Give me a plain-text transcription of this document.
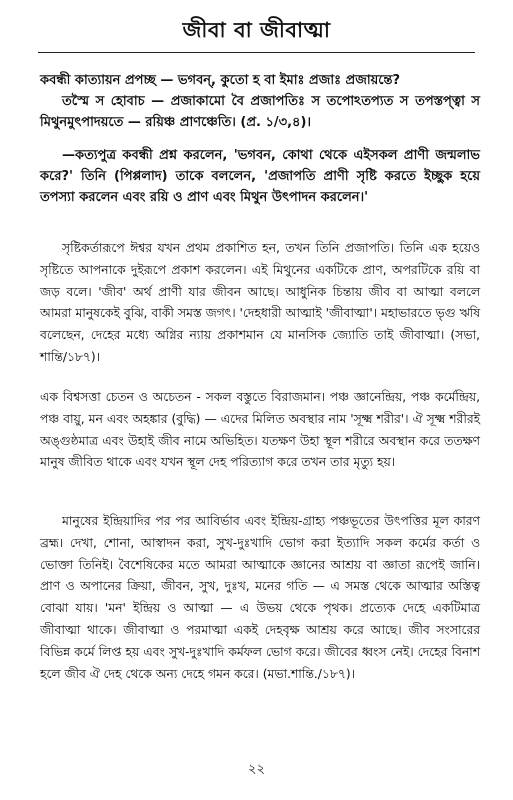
জীবা বা জীবাত্মা

কবন্ধী কাত্যায়ন প্রপচ্ছ — ভগবন্, কুতো হ বা ইমাঃ প্রজাঃ প্রজায়ন্তে?

তস্মৈ স হোবাচ — প্রজাকামো বৈ প্রজাপতিঃ স তপোঽতপ্যত স তপস্তপ্ত্বা স মিথুনমুৎপাদয়তে — রয়িঞ্চ প্রাণঞ্চেতি। (প্র. ১/৩,৪)।

—কত্যপুত্র কবন্ধী প্রশ্ন করলেন, 'ভগবন, কোথা থেকে এইসকল প্রাণী জন্মলাভ করে?' তিনি (পিপ্পলাদ) তাকে বললেন, 'প্রজাপতি প্রাণী সৃষ্টি করতে ইচ্ছুক হয়ে তপস্যা করলেন এবং রয়ি ও প্রাণ এবং মিথুন উৎপাদন করলেন।'

সৃষ্টিকর্তারূপে ঈশ্বর যখন প্রথম প্রকাশিত হন, তখন তিনি প্রজাপতি। তিনি এক হয়েও সৃষ্টিতে আপনাকে দুইরূপে প্রকাশ করলেন। এই মিথুনের একটিকে প্রাণ, অপরটিকে রয়ি বা জড় বলে। 'জীব' অর্থ প্রাণী যার জীবন আছে। আধুনিক চিন্তায় জীব বা আত্মা বললে আমরা মানুষকেই বুঝি, বাকী সমস্ত জগৎ। 'দেহধারী আত্মাই 'জীবাত্মা'। মহাভারতে ভৃগু ঋষি বলেছেন, দেহের মধ্যে অগ্নির ন্যায় প্রকাশমান যে মানসিক জ্যোতি তাই জীবাত্মা। (সভা, শান্তি/১৮৭)।

এক বিশ্বসত্তা চেতন ও অচেতন - সকল বস্তুতে বিরাজমান। পঞ্চ জ্ঞানেন্দ্রিয়, পঞ্চ কর্মেন্দ্রিয়, পঞ্চ বায়ু, মন এবং অহঙ্কার (বুদ্ধি) — এদের মিলিত অবস্থার নাম 'সূক্ষ্ম শরীর'। ঐ সূক্ষ্ম শরীরই অঙ্গুষ্ঠমাত্র এবং উহাই জীব নামে অভিহিত। যতক্ষণ উহা স্থূল শরীরে অবস্থান করে ততক্ষণ মানুষ জীবিত থাকে এবং যখন স্থূল দেহ পরিত্যাগ করে তখন তার মৃত্যু হয়।

মানুষের ইন্দ্রিয়াদির পর পর আবির্ভাব এবং ইন্দ্রিয়-গ্রাহ্য পঞ্চভূতের উৎপত্তির মূল কারণ ব্রহ্ম। দেখা, শোনা, আস্বাদন করা, সুখ-দুঃখাদি ভোগ করা ইত্যাদি সকল কর্মের কর্তা ও ভোক্তা তিনিই। বৈশেষিকের মতে আমরা আত্মাকে জ্ঞানের আশ্রয় বা জ্ঞাতা রূপেই জানি। প্রাণ ও অপানের ক্রিয়া, জীবন, সুখ, দুঃখ, মনের গতি — এ সমস্ত থেকে আত্মার অস্তিত্ব বোঝা যায়। 'মন' ইন্দ্রিয় ও আত্মা — এ উভয় থেকে পৃথক। প্রত্যেক দেহে একটিমাত্র জীবাত্মা থাকে। জীবাত্মা ও পরমাত্মা একই দেহবৃক্ষ আশ্রয় করে আছে। জীব সংসারের বিভিন্ন কর্মে লিপ্ত হয় এবং সুখ-দুঃখাদি কর্মফল ভোগ করে। জীবের ধ্বংস নেই। দেহের বিনাশ হলে জীব ঐ দেহ থেকে অন্য দেহে গমন করে। (মভা.শান্তি./১৮৭)।

২২
